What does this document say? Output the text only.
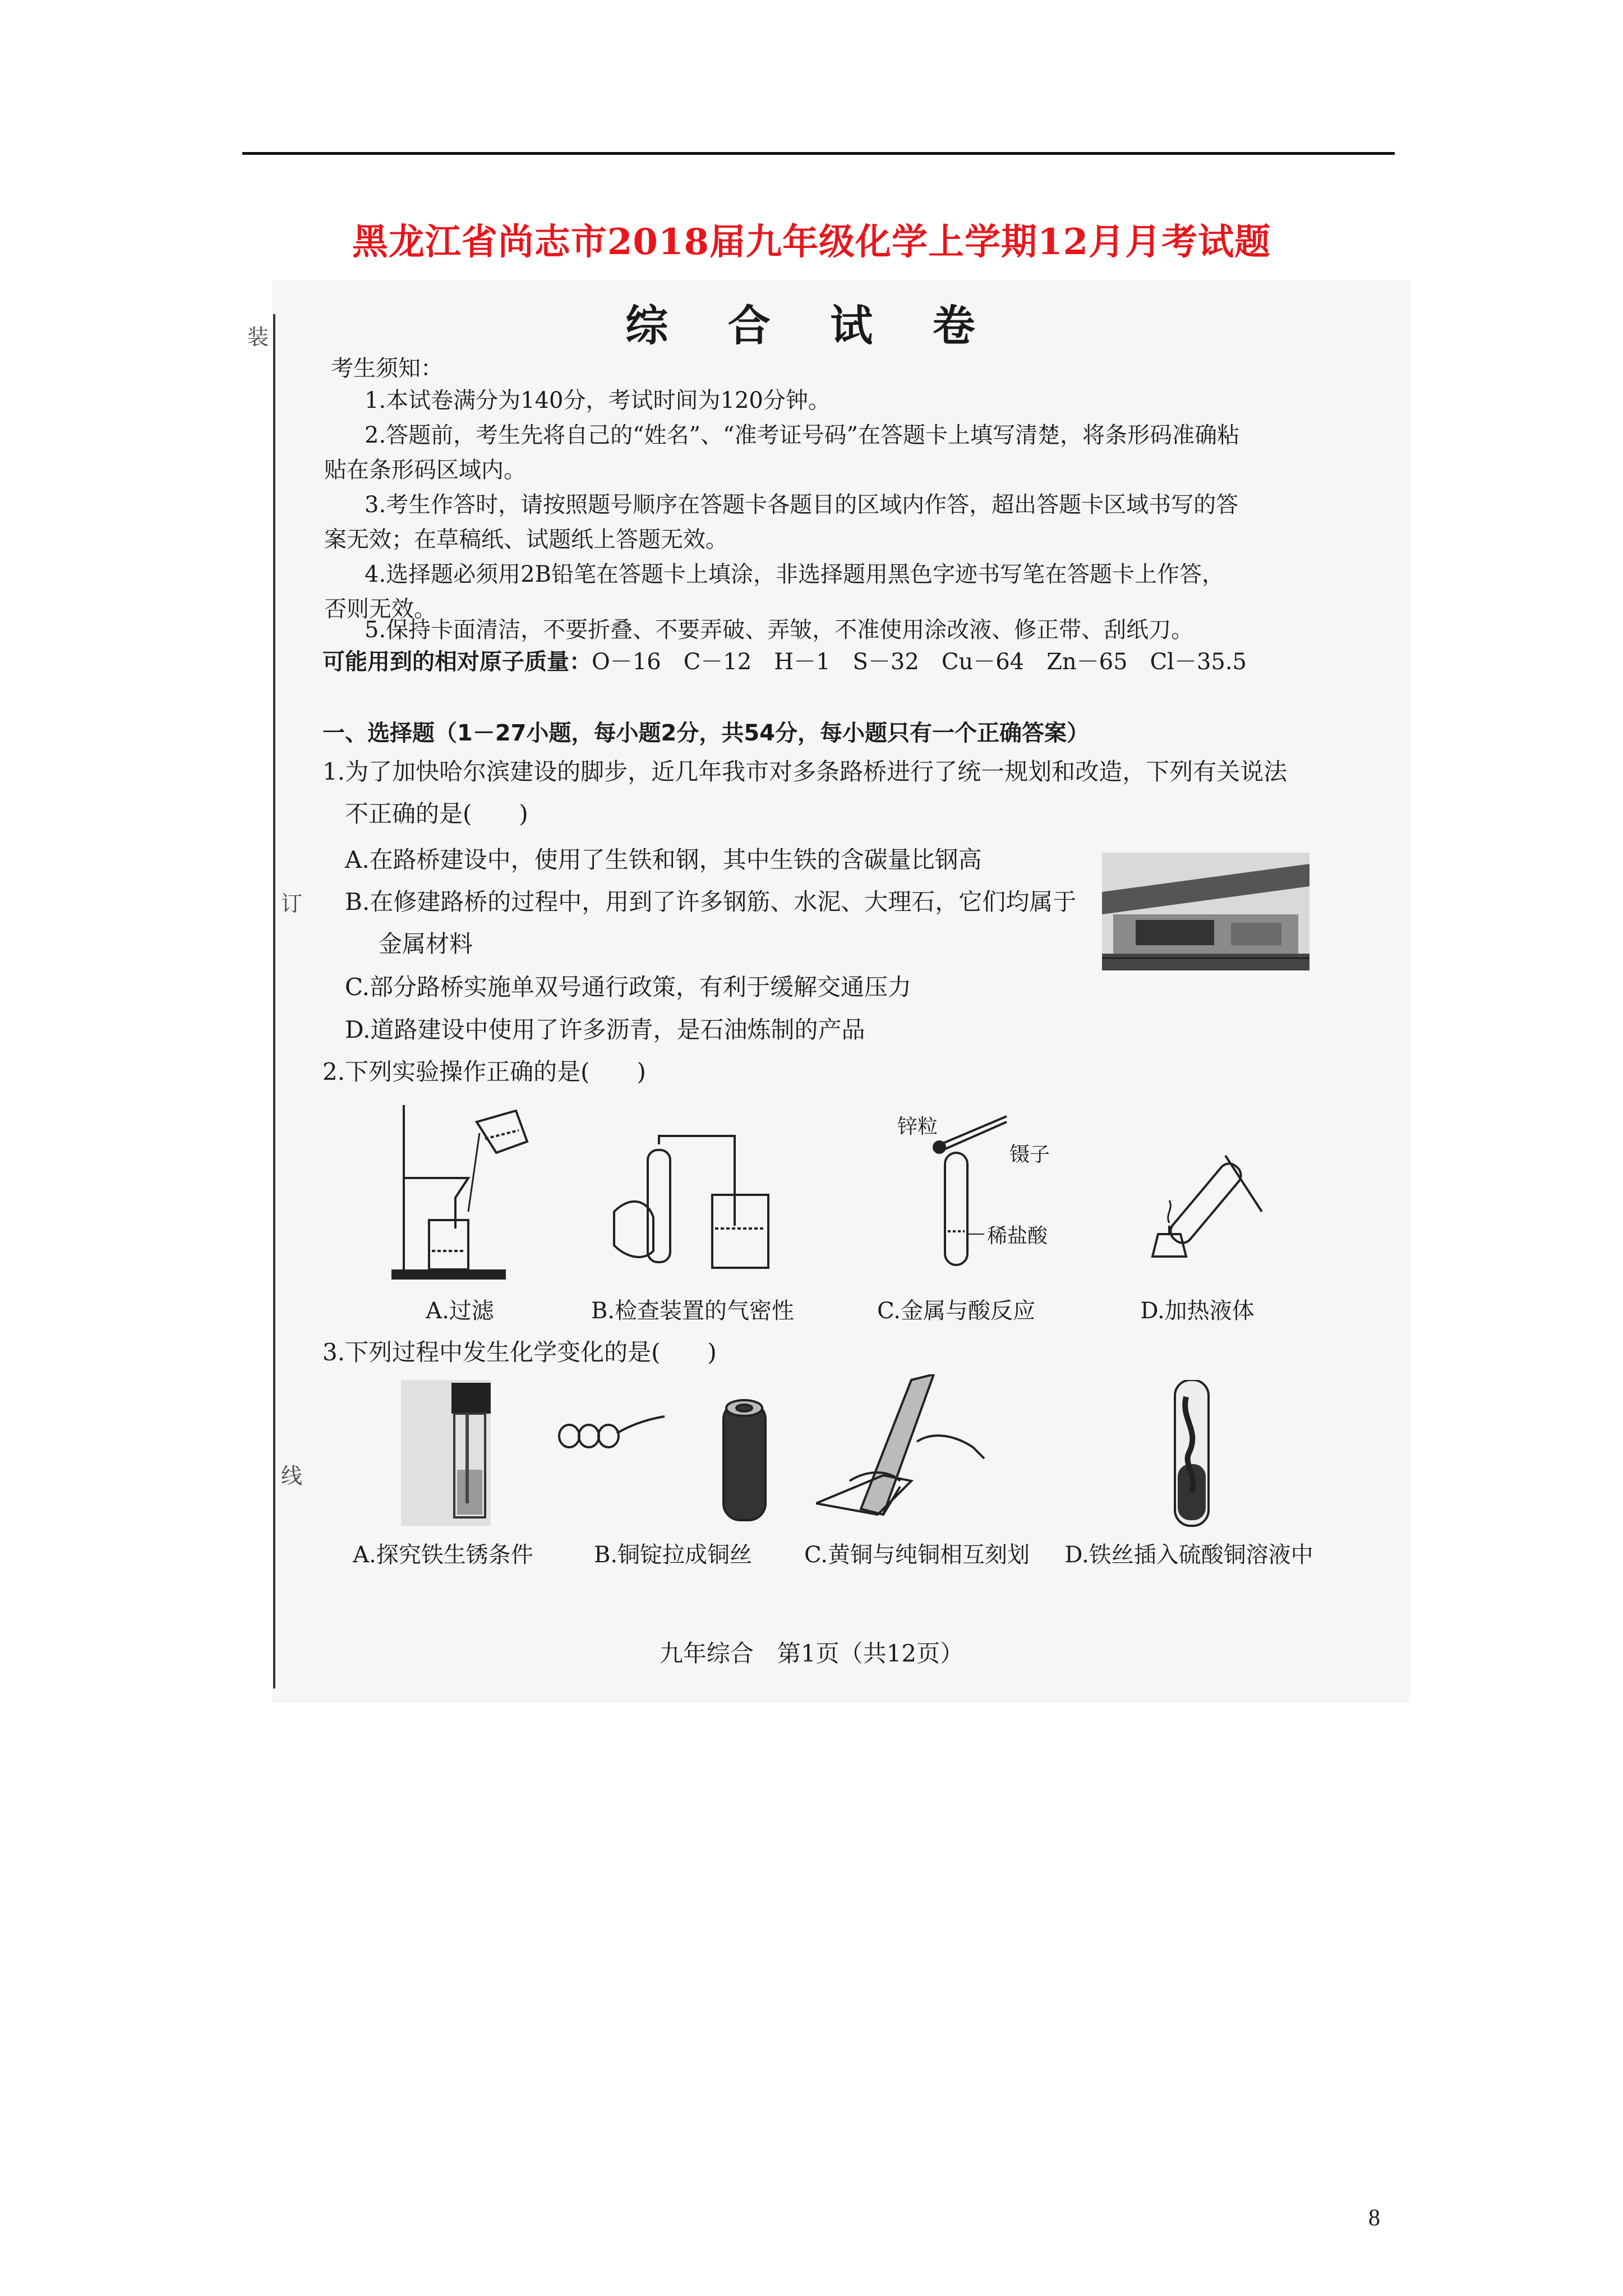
黑龙江省尚志市2018届九年级化学上学期12月月考试题
装
订
线
综 合 试 卷
考生须知：
1.本试卷满分为140分，考试时间为120分钟。
2.答题前，考生先将自己的“姓名”、“准考证号码”在答题卡上填写清楚，将条形码准确粘
贴在条形码区域内。
3.考生作答时，请按照题号顺序在答题卡各题目的区域内作答，超出答题卡区域书写的答
案无效；在草稿纸、试题纸上答题无效。
4.选择题必须用2B铅笔在答题卡上填涂，非选择题用黑色字迹书写笔在答题卡上作答，
否则无效。
5.保持卡面清洁，不要折叠、不要弄破、弄皱，不准使用涂改液、修正带、刮纸刀。
可能用到的相对原子质量：O－16　C－12　H－1　S－32　Cu－64　Zn－65　Cl－35.5
一、选择题（1－27小题，每小题2分，共54分，每小题只有一个正确答案）
1.为了加快哈尔滨建设的脚步，近几年我市对多条路桥进行了统一规划和改造，下列有关说法
不正确的是(　　)
A.在路桥建设中，使用了生铁和钢，其中生铁的含碳量比钢高
B.在修建路桥的过程中，用到了许多钢筋、水泥、大理石，它们均属于
金属材料
C.部分路桥实施单双号通行政策，有利于缓解交通压力
D.道路建设中使用了许多沥青，是石油炼制的产品
2.下列实验操作正确的是(　　)
锌粒
镊子
稀盐酸
A.过滤	B.检查装置的气密性	C.金属与酸反应	D.加热液体
3.下列过程中发生化学变化的是(　　)
A.探究铁生锈条件	B.铜锭拉成铜丝	C.黄铜与纯铜相互刻划	D.铁丝插入硫酸铜溶液中
九年综合　第1页（共12页）
8
